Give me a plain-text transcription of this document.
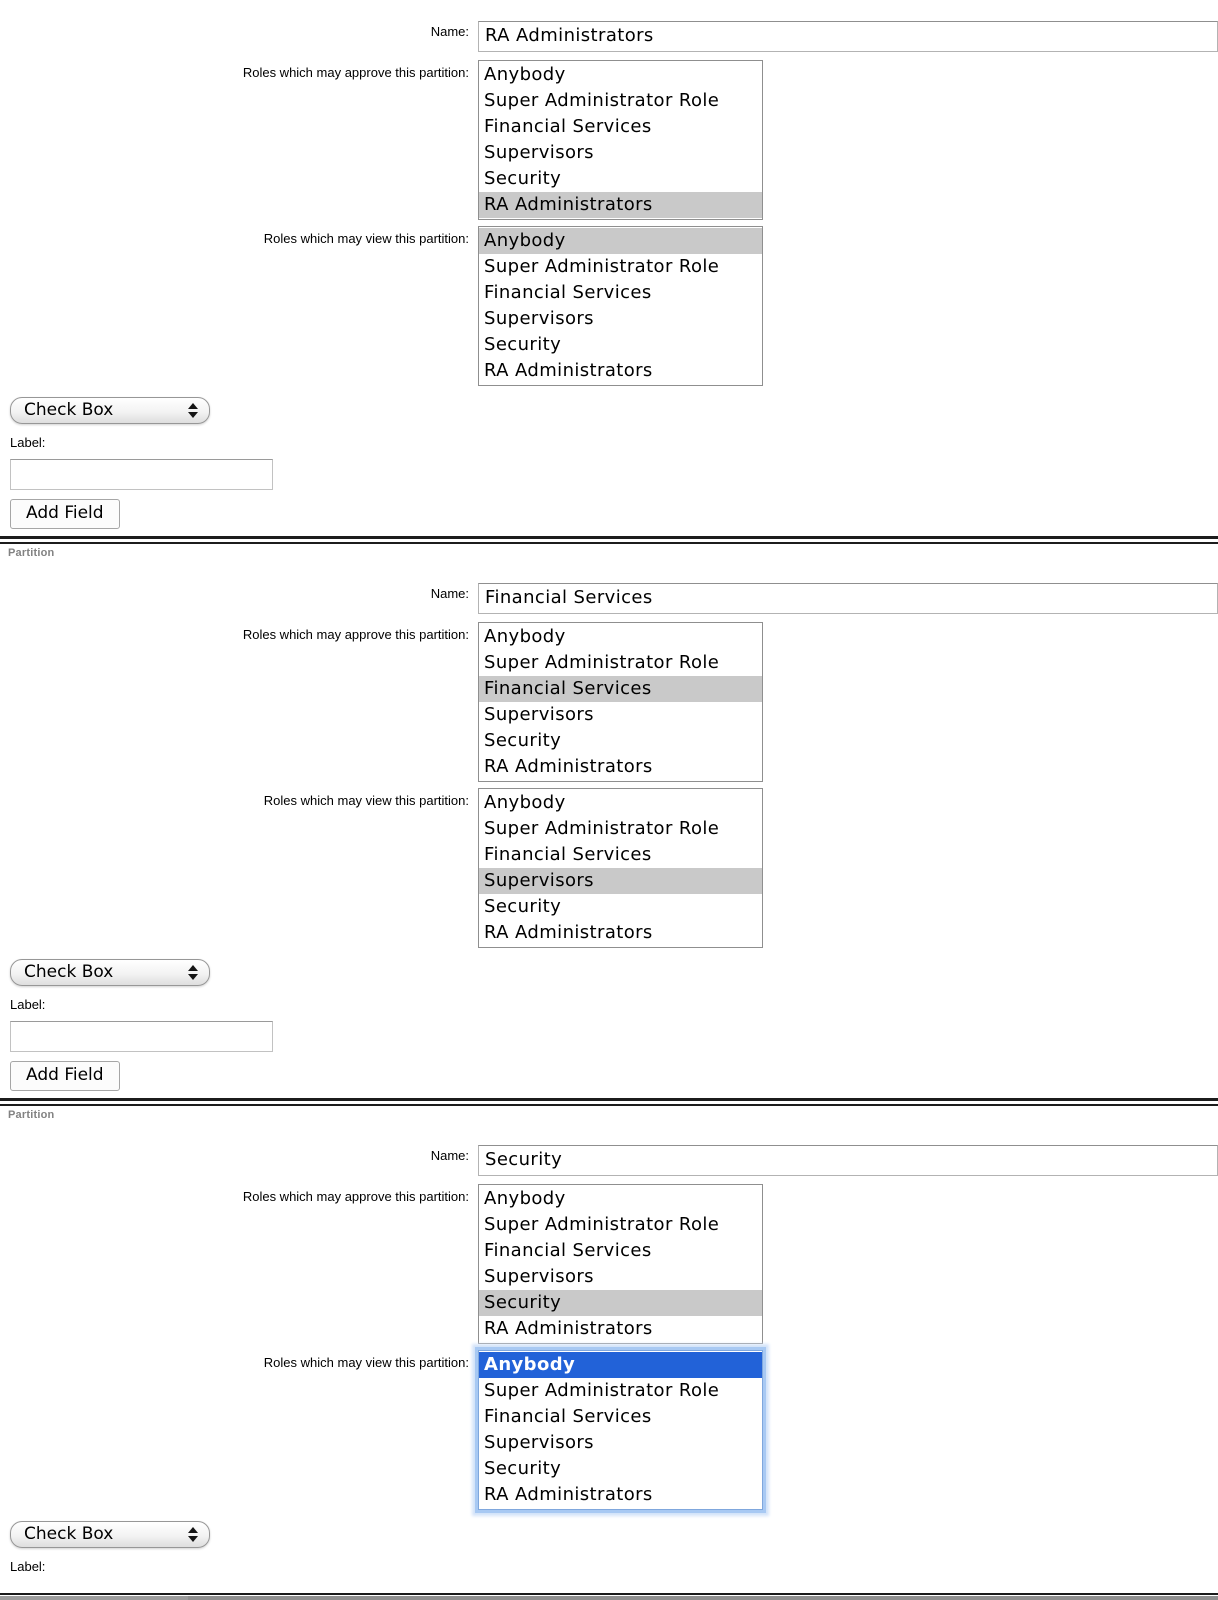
Name:
RA Administrators
Roles which may approve this partition: Anybody
Super Administrator Role
Financial Services
Supervisors
Security
RA Administrators
Roles which may view this partition: Anybody
Super Administrator Role
Financial Services
Supervisors
Security
RA Administrators
Check Box
Label:
Add Field
Partition
Name:
Financial Services
Roles which may approve this partition: Anybody
Super Administrator Role
Financial Services
Supervisors
Security
RA Administrators
Roles which may view this partition: Anybody
Super Administrator Role
Financial Services
Supervisors
Security
RA Administrators
Check Box
Label:
Add Field
Partition
Name:
Security
Roles which may approve this partition: Anybody
Super Administrator Role
Financial Services
Supervisors
Security
RA Administrators
Roles which may view this partition: Anybody
Super Administrator Role
Financial Services
Supervisors
Security
RA Administrators
Check Box
Label:
